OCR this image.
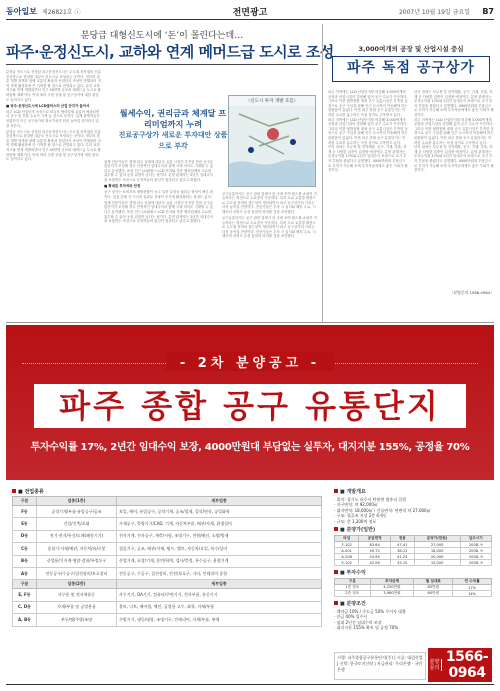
동아일보 제26821호 ⓘ	전면광고	2007년 10월 19일 금요일 B7
분당급 대형신도시에 ‘돈’이 몰린다는데…
파주·운정신도시, 교하와 연계 메머드급 도시로 조성

분당급 신도시로 선정된 파주운정신도시는 수도권 서북권의 신흥 중심축으로 한강변 대규모 신도시로 조성되는 곳이다. 정부의 집중 개발 정책과 함께 교통망 확충과 산업단지 조성이 연계되어 지역 경제 활성화에 큰 기여를 할 것으로 전망되고 있다. 특히 교하지구와 연계 개발되면서 인구 50만명 규모의 매머드급 도시로 탈바꿈할 계획이다. 이에 따라 주변 상권 및 공구상가에 대한 관심도 높아지고 있다.

■ 파주·운정신도시에 LCD클러스터 산업 단지가 들어서

파주 LCD 산업단지 조성으로 대규모 협력업체 유입이 예상되면서 공구 및 부품 수요가 크게 늘 것으로 보인다. 업계 관계자들은 산업단지 인근 공구상가의 희소가치가 더욱 높아질 것이라고 입을 모은다.

분당급 신도시로 선정된 파주운정신도시는 수도권 서북권의 신흥 중심축으로 한강변 대규모 신도시로 조성되는 곳이다. 정부의 집중 개발 정책과 함께 교통망 확충과 산업단지 조성이 연계되어 지역 경제 활성화에 큰 기여를 할 것으로 전망되고 있다. 특히 교하지구와 연계 개발되면서 인구 50만명 규모의 매머드급 도시로 탈바꿈할 계획이다. 이에 따라 주변 상권 및 공구상가에 대한 관심도 높아지고 있다.

업계 전문가들은 현재 파주 일대에 대규모 유통 시설이 부족한 만큼 공구유통단지가 조성될 경우 안정적인 임대수익과 함께 시세 차익도 기대할 수 있다고 분석했다. 또한 인근 LG필립스 LCD 단지와 각종 협력업체의 수요를 흡수할 수 있어 공실 위험이 낮다는 평가다. 분양 관계자는 2년간 임대수익을 보장하는 조건으로 투자자들의 관심이 집중되고 있다고 밝혔다.

■ 확대된 투자처와 안정

공구 상가는 소비자의 재방문률이 높고 업종 특성상 권리금 형성이 빠른 편이다. 입점 업체 간 시너지 효과로 상권이 조기에 활성화되는 장점도 있다.

업계 전문가들은 현재 파주 일대에 대규모 유통 시설이 부족한 만큼 공구유통단지가 조성될 경우 안정적인 임대수익과 함께 시세 차익도 기대할 수 있다고 분석했다. 또한 인근 LG필립스 LCD 단지와 각종 협력업체의 수요를 흡수할 수 있어 공실 위험이 낮다는 평가다. 분양 관계자는 2년간 임대수익을 보장하는 조건으로 투자자들의 관심이 집중되고 있다고 밝혔다.

공구유통단지는 공구 관련 업체가 한 곳에 모여 원스톱 쇼핑이 가능하다는 장점으로 수요층이 꾸준하다. 특히 도로 교통망 확충으로 수도권 전역의 접근성이 개선되면서 파주 공구상가의 가치는 더욱 높아질 전망이다. 전문가들은 투자 시 입지와 배후 수요, 시행사의 신뢰도 등을 꼼꼼히 따져볼 것을 조언했다.

공구유통단지는 공구 관련 업체가 한 곳에 모여 원스톱 쇼핑이 가능하다는 장점으로 수요층이 꾸준하다. 특히 도로 교통망 확충으로 수도권 전역의 접근성이 개선되면서 파주 공구상가의 가치는 더욱 높아질 전망이다. 전문가들은 투자 시 입지와 배후 수요, 시행사의 신뢰도 등을 꼼꼼히 따져볼 것을 조언했다.

월세수익, 권리금과 체계달 프리미엄까지 누려
진료공구상가 새로운 투자대안 상품으로 부각
〈신도시 투자 개발 흐름〉
3,000여개의 공장 및 산업시설 중심
파주 독점 공구상가

파주 지역에는 LCD 산업단지를 비롯해 3,000여개의 공장과 산업시설이 밀집해 있어 공구 수요가 꾸준하다. 그러나 이를 뒷받침할 대형 공구 유통시설은 부족한 실정으로 공구 구입을 위해 인근 도시까지 이동해야 하는 불편함이 있었다. 이번 파주 종합 공구 유통단지는 이러한 수요를 흡수하는 독점 상가로 주목받고 있다.

파주 지역에는 LCD 산업단지를 비롯해 3,000여개의 공장과 산업시설이 밀집해 있어 공구 수요가 꾸준하다. 그러나 이를 뒷받침할 대형 공구 유통시설은 부족한 실정으로 공구 구입을 위해 인근 도시까지 이동해야 하는 불편함이 있었다. 이번 파주 종합 공구 유통단지는 이러한 수요를 흡수하는 독점 상가로 주목받고 있다.

단지 내에는 사무용 및 전자제품, 공구, 기계, 부품, 자재 등 다양한 업종이 입점할 예정이다. 분양 관계자는 투자수익률 17%와 2년간 임대수익 보장으로 초기 투자 부담을 줄였다고 설명했다. 4000만원대 부담금으로 투자가 가능해 소액 투자자들에게도 좋은 기회가 될 것이다.

단지 내에는 사무용 및 전자제품, 공구, 기계, 부품, 자재 등 다양한 업종이 입점할 예정이다. 분양 관계자는 투자수익률 17%와 2년간 임대수익 보장으로 초기 투자 부담을 줄였다고 설명했다. 4000만원대 부담금으로 투자가 가능해 소액 투자자들에게도 좋은 기회가 될 것이다.

파주 지역에는 LCD 산업단지를 비롯해 3,000여개의 공장과 산업시설이 밀집해 있어 공구 수요가 꾸준하다. 그러나 이를 뒷받침할 대형 공구 유통시설은 부족한 실정으로 공구 구입을 위해 인근 도시까지 이동해야 하는 불편함이 있었다. 이번 파주 종합 공구 유통단지는 이러한 수요를 흡수하는 독점 상가로 주목받고 있다.

단지 내에는 사무용 및 전자제품, 공구, 기계, 부품, 자재 등 다양한 업종이 입점할 예정이다. 분양 관계자는 투자수익률 17%와 2년간 임대수익 보장으로 초기 투자 부담을 줄였다고 설명했다. 4000만원대 부담금으로 투자가 가능해 소액 투자자들에게도 좋은 기회가 될 것이다.

〈분양문의 1566-0964〉
- 2차 분양공고 -
파주 종합 공구 유통단지
투자수익률 17%, 2년간 임대수익 보장, 4000만원대 부담없는 실투자, 대지지분 155%, 공정율 70%
■ 전업종류
구분	업종(1층)	세부업종
F동	공작기계/부품·유압공구/공조	보일, 에어, 유압공구, 공작기계, 공조/철제, 절삭/연삭, 공업화학
E동	건설/건축/포대	가재공구, 측량기기/CAD, 기계, 자동차부품, 배관/자재, 위생설비
D동	전기·전자/통신/도체(패분기기)	전자기계, 전자공구, 계측/시험, 조명기구, 전원/배선, 소방/방재
C동	종합기·자재/배관, 자동차/유/로봇	철물기구, 공조, 배관/자재, 펌프, 밸브, 자동차/오일, 특수/설비
B동	산업용/기자재·명암·결합/특정도구	산업기계, 포장/기계, 운반/하역, 검사/측정, 특수공구, 용접기계
A동	전동공구/수공구/집진장비/보호장비	전동공구, 수공구, 집진장비, 안전/보호구, 기타, 인테리어 종합
구분	업종(2층)	세부업종
E, F동	사무용 및 전자제품동	사무기기, OA기기, 컴퓨터/주변기기, 전자부품, 통신기기
C, D동	자재/부품 및 공업용품	볼트, 너트, 베어링, 체인, 공업용 고무, 화학, 자재/부품
A, B동	부두/엠/주방/조명	주방기기, 냉동/냉장, 조명기구, 인테리어, 자재/부품, 판매
■ 개발개요
· 위치: 경기도 파주시 탄현면 법흥리 일원
· 지구면적: 약 92,000㎡
· 대지면적: 18,000㎡ / 건물면적: 연면적 약 27,000㎡
· 구조: 철골조 지상 2층 6개동
· 규모: 총 1,200여 점포
■ 분양가(일반)
타입	공급면적	전용	분양가(만원)	입주시기
F-102	63.64	47.41	27,000	2008. 9
A-201	49.72	38.12	18,000	2008. 9
A-208	53.94	41.23	20,000	2008. 9
E-102	42.06	33.15	15,000	2008. 9
■ 투자수익
구분	투자금액	월 임대료	연 수익률
1층 점포	4,250만원	85만원	17%
2층 점포	3,980만원	60만원	14%
■ 분양조건
· 계약금 10% / 중도금 50% 무이자 대출
· 잔금 40% 입주시
· 임대 2년간 임대수익 보장
· 대지지분 155% 확보 및 공정 70%
시행: 파주종합공구유통단지(주) | 시공: 대림산업 | 신탁: 한국토지신탁 | 자금관리: 우리은행 · 국민은행
분양문의
1566-0964
